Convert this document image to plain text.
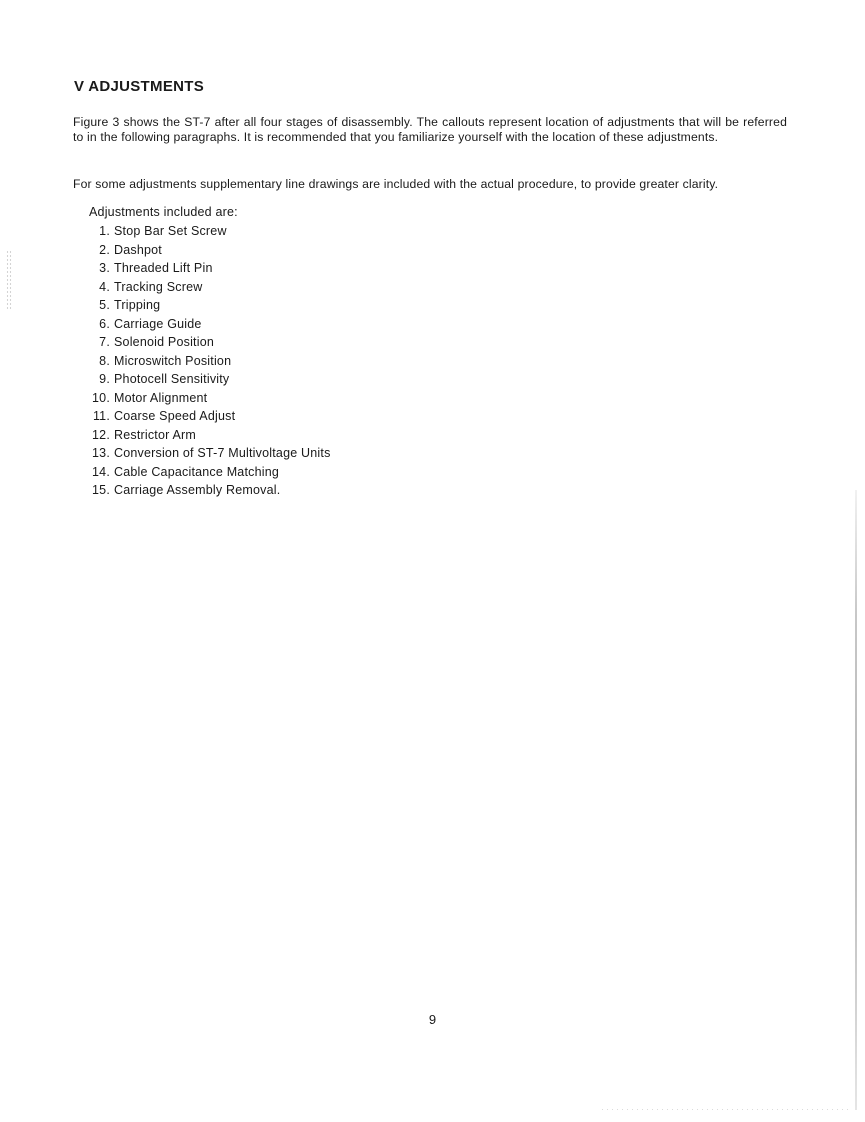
V ADJUSTMENTS

Figure 3 shows the ST-7 after all four stages of disassembly. The callouts represent location of adjustments that will be referred to in the following paragraphs. It is recommended that you familiarize yourself with the location of these adjustments.

For some adjustments supplementary line drawings are included with the actual procedure, to provide greater clarity.

Adjustments included are:

1. Stop Bar Set Screw
2. Dashpot
3. Threaded Lift Pin
4. Tracking Screw
5. Tripping
6. Carriage Guide
7. Solenoid Position
8. Microswitch Position
9. Photocell Sensitivity
10. Motor Alignment
11. Coarse Speed Adjust
12. Restrictor Arm
13. Conversion of ST-7 Multivoltage Units
14. Cable Capacitance Matching
15. Carriage Assembly Removal.

9
